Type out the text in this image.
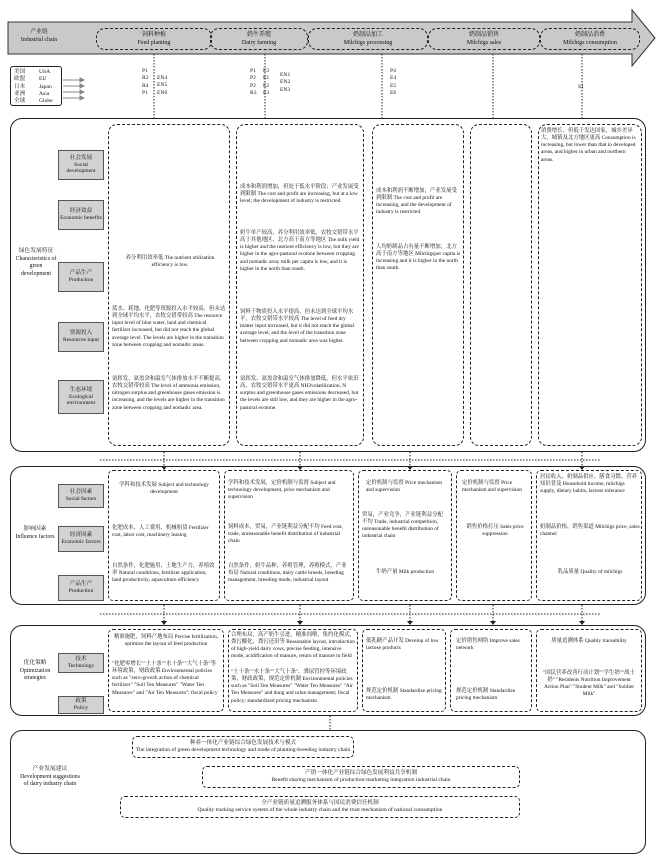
产业链
Industrial chain
饲料种植
Feed planting
奶牛养殖
Dairy farming
奶制品加工
Milchigs processing
奶制品销售
Milchigs sales
奶制品消费
Milchigs consumption
美国
欧盟
日本
亚洲
全球
USA
EU
Japan
Asia
Globe
P1
R2
R4
P1
EN4
EN5
EN6
P1
P2
P2
R3
E3
E1
E2
E3
EN1
EN2
EN3
P4
E4
E5
E6
S1
绿色发展特征
Characteristics of green development
社会发展
Social development
经济效益
Economic benefits
产品生产
Production
资源投入
Resources input
生态环境
Ecological environment
养分利用效率低 The nutrient utilization efficiency is low.
蓝水、耗地、化肥等资源投入水平较高，但未达到全球平均水平，农牧交错带较高 The resource input level of blue water, land and chemical fertilizer increased, but did not reach the global average level. The levels are higher in the transition zone between cropping and nomadic areas.
氨挥发、氮盈余和温室气体排放水平不断提高，农牧交错带较高 The level of ammonia emission, nitrogen surplus and greenhouse gases emission is increasing, and the levels are higher in the transition zone between cropping and nomadic area.
成本和利润增加，但处于低水平阶段；产业发展受到限制 The cost and profit are increasing, but at a low level; the development of industry is restricted.
奶牛单产较高，养分利用效率低，农牧交错带水平高于其他地区，北方高于南方等地区 The milk yield is higher and the nutrient efficiency is low, but they are higher in the agro-pastoral ecotone between cropping and nomadic area; milk per capita is low, and it is higher in the north than south.
饲料干物质投入水平提高，但未达到全球平均水平，农牧交错带水平较高 The level of feed dry matter input increased, but it did not reach the global average level, and the level of the transition zone between cropping and nomadic area was higher.
氨挥发、氮盈余和温室气体排放降低，但水平依旧高，农牧交错带水平更高 NH3volatilization, N surplus and greenhouse gases emissions decreased, but the levels are still low, and they are higher in the agro-pastoral ecotone.
成本和利润不断增加，产业发展受到限制 The cost and profit are increasing, and the development of industry is restricted.
人均奶制品占有量不断增加，北方高于南方等地区 Milchigsper capita is increasing and it is higher in the north than south.
消费增长，但低于发达国家，城乡差异大，城镇及北方地区更高 Consumption is increasing, but lower than that in developed areas, and higher in urban and northern areas.
影响因素
Influence factors
社会因素
Social factors
经济因素
Economic factors
产品生产
Production
学科和技术发展 Subject and technology development
化肥成本、人工费用、机械租赁 Fertilizer cost, labor cost, machinery leasing
自然条件，化肥施用，土地生产力，养殖效率 Natural conditions, fertilizer application, land productivity, aquaculture efficiency
学科和技术发展，定价机制与监督 Subject and technology development, price mechanism and supervision
饲料成本，贸易，产业链利益分配不均 Feed cost, trade, unreasonable benefit distribution of industrial chain
自然条件，奶牛品种，养殖管理，养殖模式，产业布局 Natural conditions, dairy cattle breeds, breeding management, breeding mode, industrial layout
定价机制与监督 Price mechanism and supervision
贸易，产业竞争，产业链利益分配不均 Trade, industrial competition, unreasonable benefit distribution of industrial chain
牛奶产量 Milk production
定价机制与监督 Price mechanism and supervision
销售价格打压 Sales price suppression
居民收入、奶制品供应、膳食习惯、营养知识普及 Household income, milchigs supply, dietary habits, lactose tolerance
奶制品价格，销售渠道 Milchigs price, sales channel
乳品质量 Quality of milchigs
优化策略
Optimization strategies
技术
Technology
政策
Policy
精准施肥，饲料产地布局 Precise fertilization, optimize the layout of feed production
"化肥零增长""土十条""水十条""大气十条"等环境政策，财政政策 Environmental policies such as "zero-growth action of chemical fertilizer" "Soil Ten Measures" "Water Ten Measures" and "Air Ten Measures"; fiscal policy
合理布局，高产奶牛引进，精准饲喂，集约化模式，粪污酸化，粪污还田等 Reasonable layout, introduction of high-yield dairy cows, precise feeding, intensive mode, acidification of manure, return of manure to field
"土十条""水十条""大气十条"，粪尿管控等环境政策，财政政策，规范定价机制 Environmental policies such as "Soil Ten Measures" "Water Ten Measures" "Air Ten Measures" and dung and urine management; fiscal policy; standardized pricing mechanism
低乳糖产品开发 Develop of low lactose products
规范定价机制 Standardize pricing mechanism
定价销售网络 Improve sales network
规范定价机制 Standardize pricing mechanism
质量追溯体系 Quality traceability
"国民营养改善行动计划""学生奶""战士奶" "Residents Nutrition Improvement Action Plan" "Student Milk" and "Soldier Milk"
产业发展建议
Development suggestions of dairy industry chain
种养一体化产业链综合绿色发展技术与模式
The integration of green development technology and mode of planting-breeding industry chain
产销一体化产业链综合绿色发展利益共享机制
Benefit sharing mechanism of production-marketing integration industrial chain
全产业链质量追溯服务体系与国民消费信任机制
Quality tracking service system of the whole industry chain and the trust mechanism of national consumption
